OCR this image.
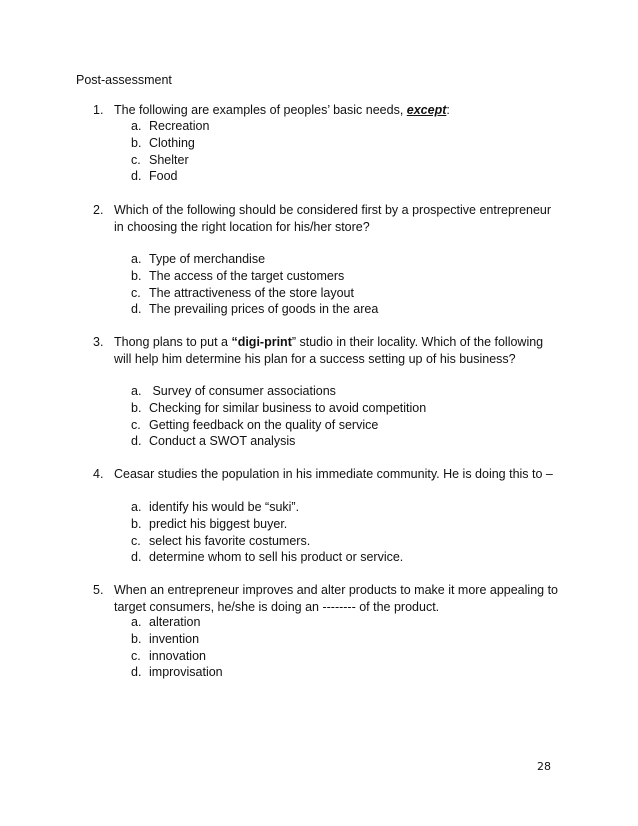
Post-assessment
1. The following are examples of peoples’ basic needs, except:
a. Recreation
b. Clothing
c. Shelter
d. Food
2. Which of the following should be considered first by a prospective entrepreneur in choosing the right location for his/her store?
a. Type of merchandise
b. The access of the target customers
c. The attractiveness of the store layout
d. The prevailing prices of goods in the area
3. Thong plans to put a “digi-print” studio in their locality. Which of the following will help him determine his plan for a success setting up of his business?
a. Survey of consumer associations
b. Checking for similar business to avoid competition
c. Getting feedback on the quality of service
d. Conduct a SWOT analysis
4. Ceasar studies the population in his immediate community. He is doing this to –
a. identify his would be “suki”.
b. predict his biggest buyer.
c. select his favorite costumers.
d. determine whom to sell his product or service.
5. When an entrepreneur improves and alter products to make it more appealing to target consumers, he/she is doing an -------- of the product.
a. alteration
b. invention
c. innovation
d. improvisation
28
